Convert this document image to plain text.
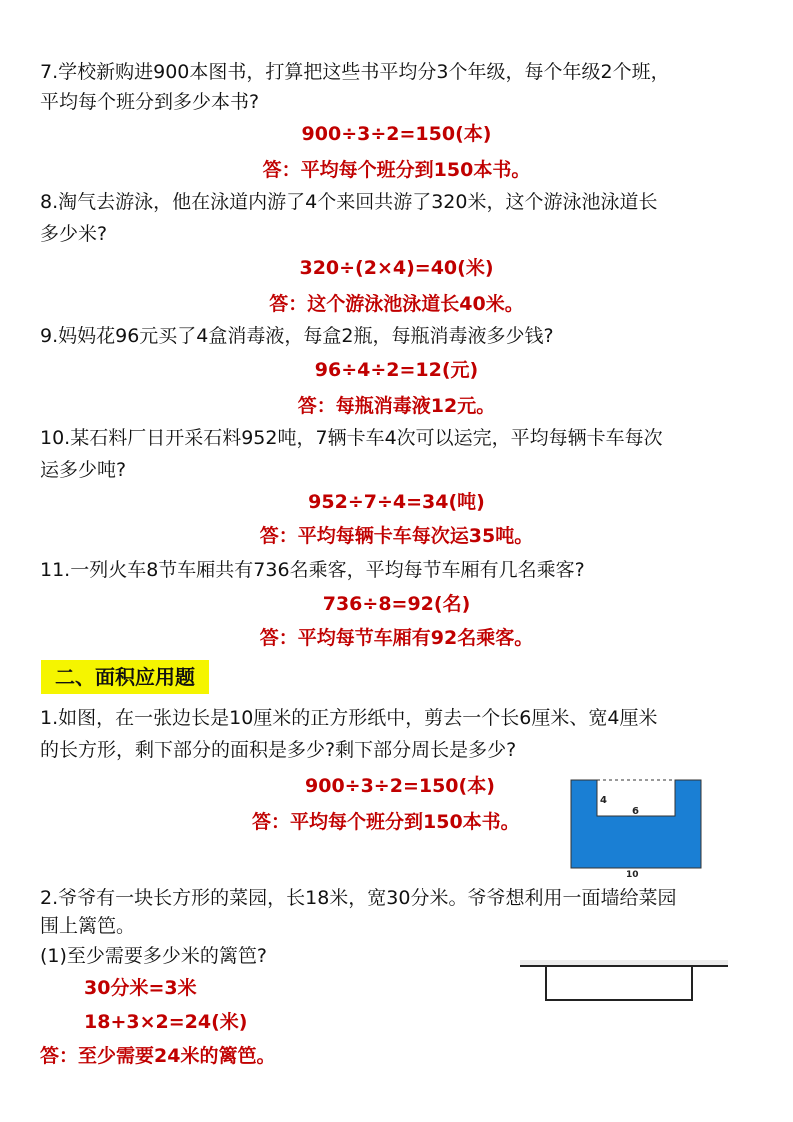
7.学校新购进900本图书，打算把这些书平均分3个年级，每个年级2个班，
平均每个班分到多少本书?
900÷3÷2=150(本)
答：平均每个班分到150本书。
8.淘气去游泳，他在泳道内游了4个来回共游了320米，这个游泳池泳道长
多少米?
320÷(2×4)=40(米)
答：这个游泳池泳道长40米。
9.妈妈花96元买了4盒消毒液，每盒2瓶，每瓶消毒液多少钱?
96÷4÷2=12(元)
答：每瓶消毒液12元。
10.某石料厂日开采石料952吨，7辆卡车4次可以运完，平均每辆卡车每次
运多少吨?
952÷7÷4=34(吨)
答：平均每辆卡车每次运35吨。
11.一列火车8节车厢共有736名乘客，平均每节车厢有几名乘客?
736÷8=92(名)
答：平均每节车厢有92名乘客。
二、面积应用题
1.如图，在一张边长是10厘米的正方形纸中，剪去一个长6厘米、宽4厘米
的长方形，剩下部分的面积是多少?剩下部分周长是多少?
900÷3÷2=150(本)
答：平均每个班分到150本书。
4
6
10
2.爷爷有一块长方形的菜园，长18米，宽30分米。爷爷想利用一面墙给菜园
围上篱笆。
(1)至少需要多少米的篱笆?
30分米=3米
18+3×2=24(米)
答：至少需要24米的篱笆。
